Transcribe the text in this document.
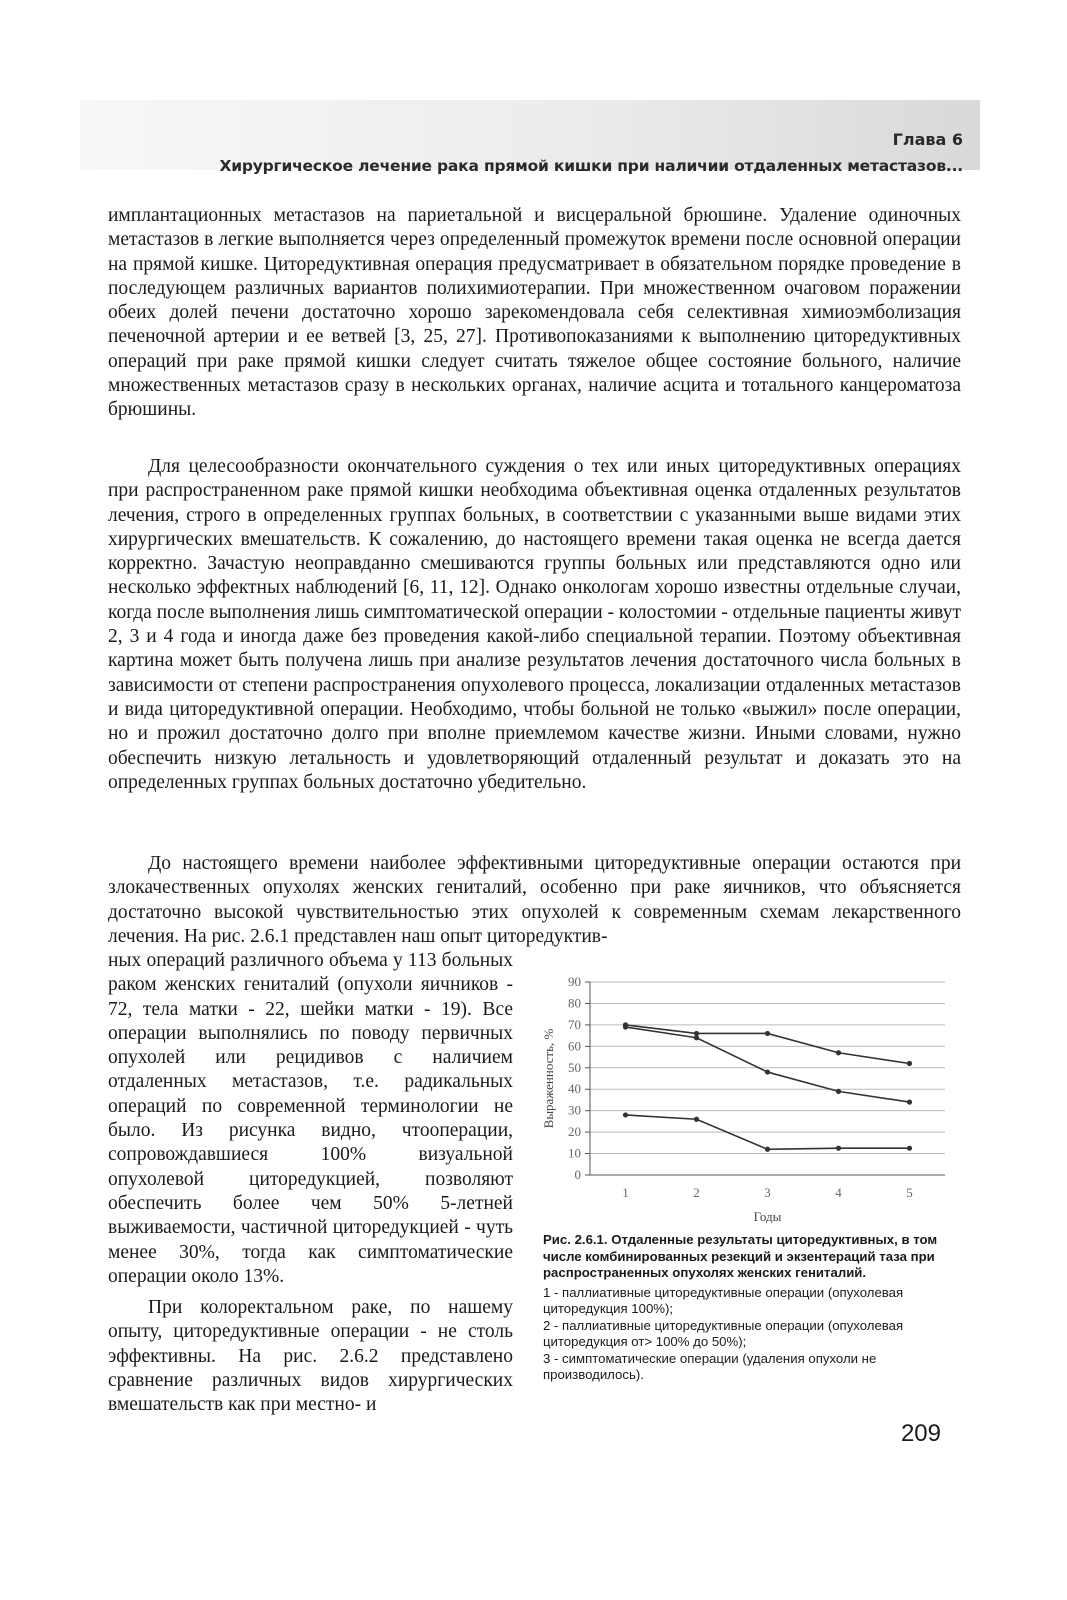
Глава 6
Хирургическое лечение рака прямой кишки при наличии отдаленных метастазов...

имплантационных метастазов на париетальной и висцеральной брюшине. Удаление одиночных метастазов в легкие выполняется через определенный промежуток времени после основной операции на прямой кишке. Циторедуктивная операция предусматривает в обязательном порядке проведение в последующем различных вариантов полихимиотерапии. При множественном очаговом поражении обеих долей печени достаточно хорошо зарекомендовала себя селективная химиоэмболизация печеночной артерии и ее ветвей [3, 25, 27]. Противопоказаниями к выполнению циторедуктивных операций при раке прямой кишки следует считать тяжелое общее состояние больного, наличие множественных метастазов сразу в нескольких органах, наличие асцита и тотального канцероматоза брюшины.

Для целесообразности окончательного суждения о тех или иных циторедуктивных операциях при распространенном раке прямой кишки необходима объективная оценка отдаленных результатов лечения, строго в определенных группах больных, в соответствии с указанными выше видами этих хирургических вмешательств. К сожалению, до настоящего времени такая оценка не всегда дается корректно. Зачастую неоправданно смешиваются группы больных или представляются одно или несколько эффектных наблюдений [6, 11, 12]. Однако онкологам хорошо известны отдельные случаи, когда после выполнения лишь симптоматической операции - колостомии - отдельные пациенты живут 2, 3 и 4 года и иногда даже без проведения какой-либо специальной терапии. Поэтому объективная картина может быть получена лишь при анализе результатов лечения достаточного числа больных в зависимости от степени распространения опухолевого процесса, локализации отдаленных метастазов и вида циторедуктивной операции. Необходимо, чтобы больной не только «выжил» после операции, но и прожил достаточно долго при вполне приемлемом качестве жизни. Иными словами, нужно обеспечить низкую летальность и удовлетворяющий отдаленный результат и доказать это на определенных группах больных достаточно убедительно.

До настоящего времени наиболее эффективными циторедуктивные операции остаются при злокачественных опухолях женских гениталий, особенно при раке яичников, что объясняется достаточно высокой чувствительностью этих опухолей к современным схемам лекарственного лечения. На рис. 2.6.1 представлен наш опыт циторедуктив-

ных операций различного объема у 113 больных раком женских гениталий (опухоли яичников - 72, тела матки - 22, шейки матки - 19). Все операции выполнялись по поводу первичных опухолей или рецидивов с наличием отдаленных метастазов, т.е. радикальных операций по современной терминологии не было. Из рисунка видно, чтооперации, сопровождавшиеся 100% визуальной опухолевой циторедукцией, позволяют обеспечить более чем 50% 5-летней выживаемости, частичной циторедукцией - чуть менее 30%, тогда как симптоматические операции около 13%.

При колоректальном раке, по нашему опыту, циторедуктивные операции - не столь эффективны. На рис. 2.6.2 представлено сравнение различных видов хирургических вмешательств как при местно- и

0
10
20
30
40
50
60
70
80
90
1	2	3	4	5
Годы
Выраженность, %

Рис. 2.6.1. Отдаленные результаты циторедуктивных, в том числе комбинированных резекций и экзентераций таза при распространенных опухолях женских гениталий.

1 - паллиативные циторедуктивные операции (опухолевая циторедукция 100%);

2 - паллиативные циторедуктивные операции (опухолевая циторедукция от> 100% до 50%);

3 - симптоматические операции (удаления опухоли не производилось).

209
